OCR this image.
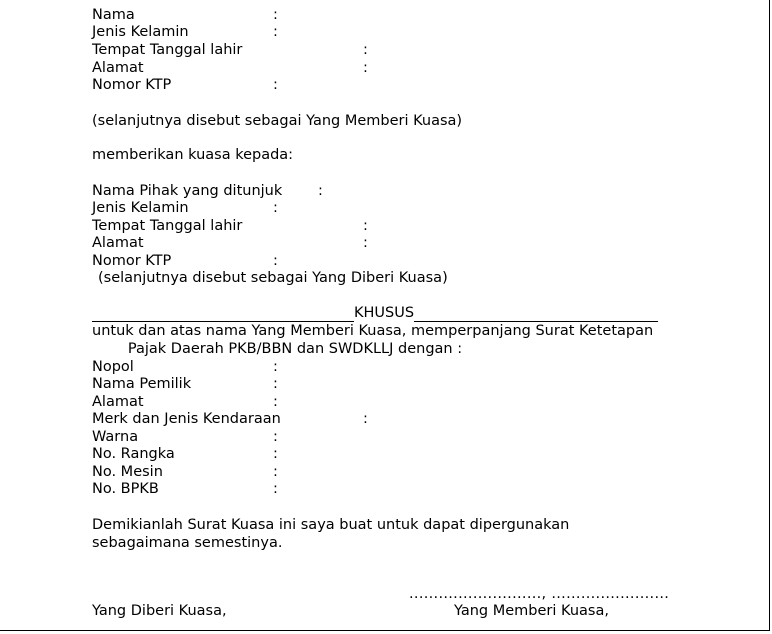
Nama	:
Jenis Kelamin	:
Tempat Tanggal lahir	:
Alamat	:
Nomor KTP	:
(selanjutnya disebut sebagai Yang Memberi Kuasa)
memberikan kuasa kepada:
Nama Pihak yang ditunjuk :
Jenis Kelamin	:
Tempat Tanggal lahir	:
Alamat	:
Nomor KTP	:
(selanjutnya disebut sebagai Yang Diberi Kuasa)
KHUSUS
untuk dan atas nama Yang Memberi Kuasa, memperpanjang Surat Ketetapan
Pajak Daerah PKB/BBN dan SWDKLLJ dengan :
Nopol	:
Nama Pemilik	:
Alamat	:
Merk dan Jenis Kendaraan	:
Warna	:
No. Rangka	:
No. Mesin	:
No. BPKB	:
Demikianlah Surat Kuasa ini saya buat untuk dapat dipergunakan
sebagaimana semestinya.
..........................., ........................
Yang Diberi Kuasa,	Yang Memberi Kuasa,
